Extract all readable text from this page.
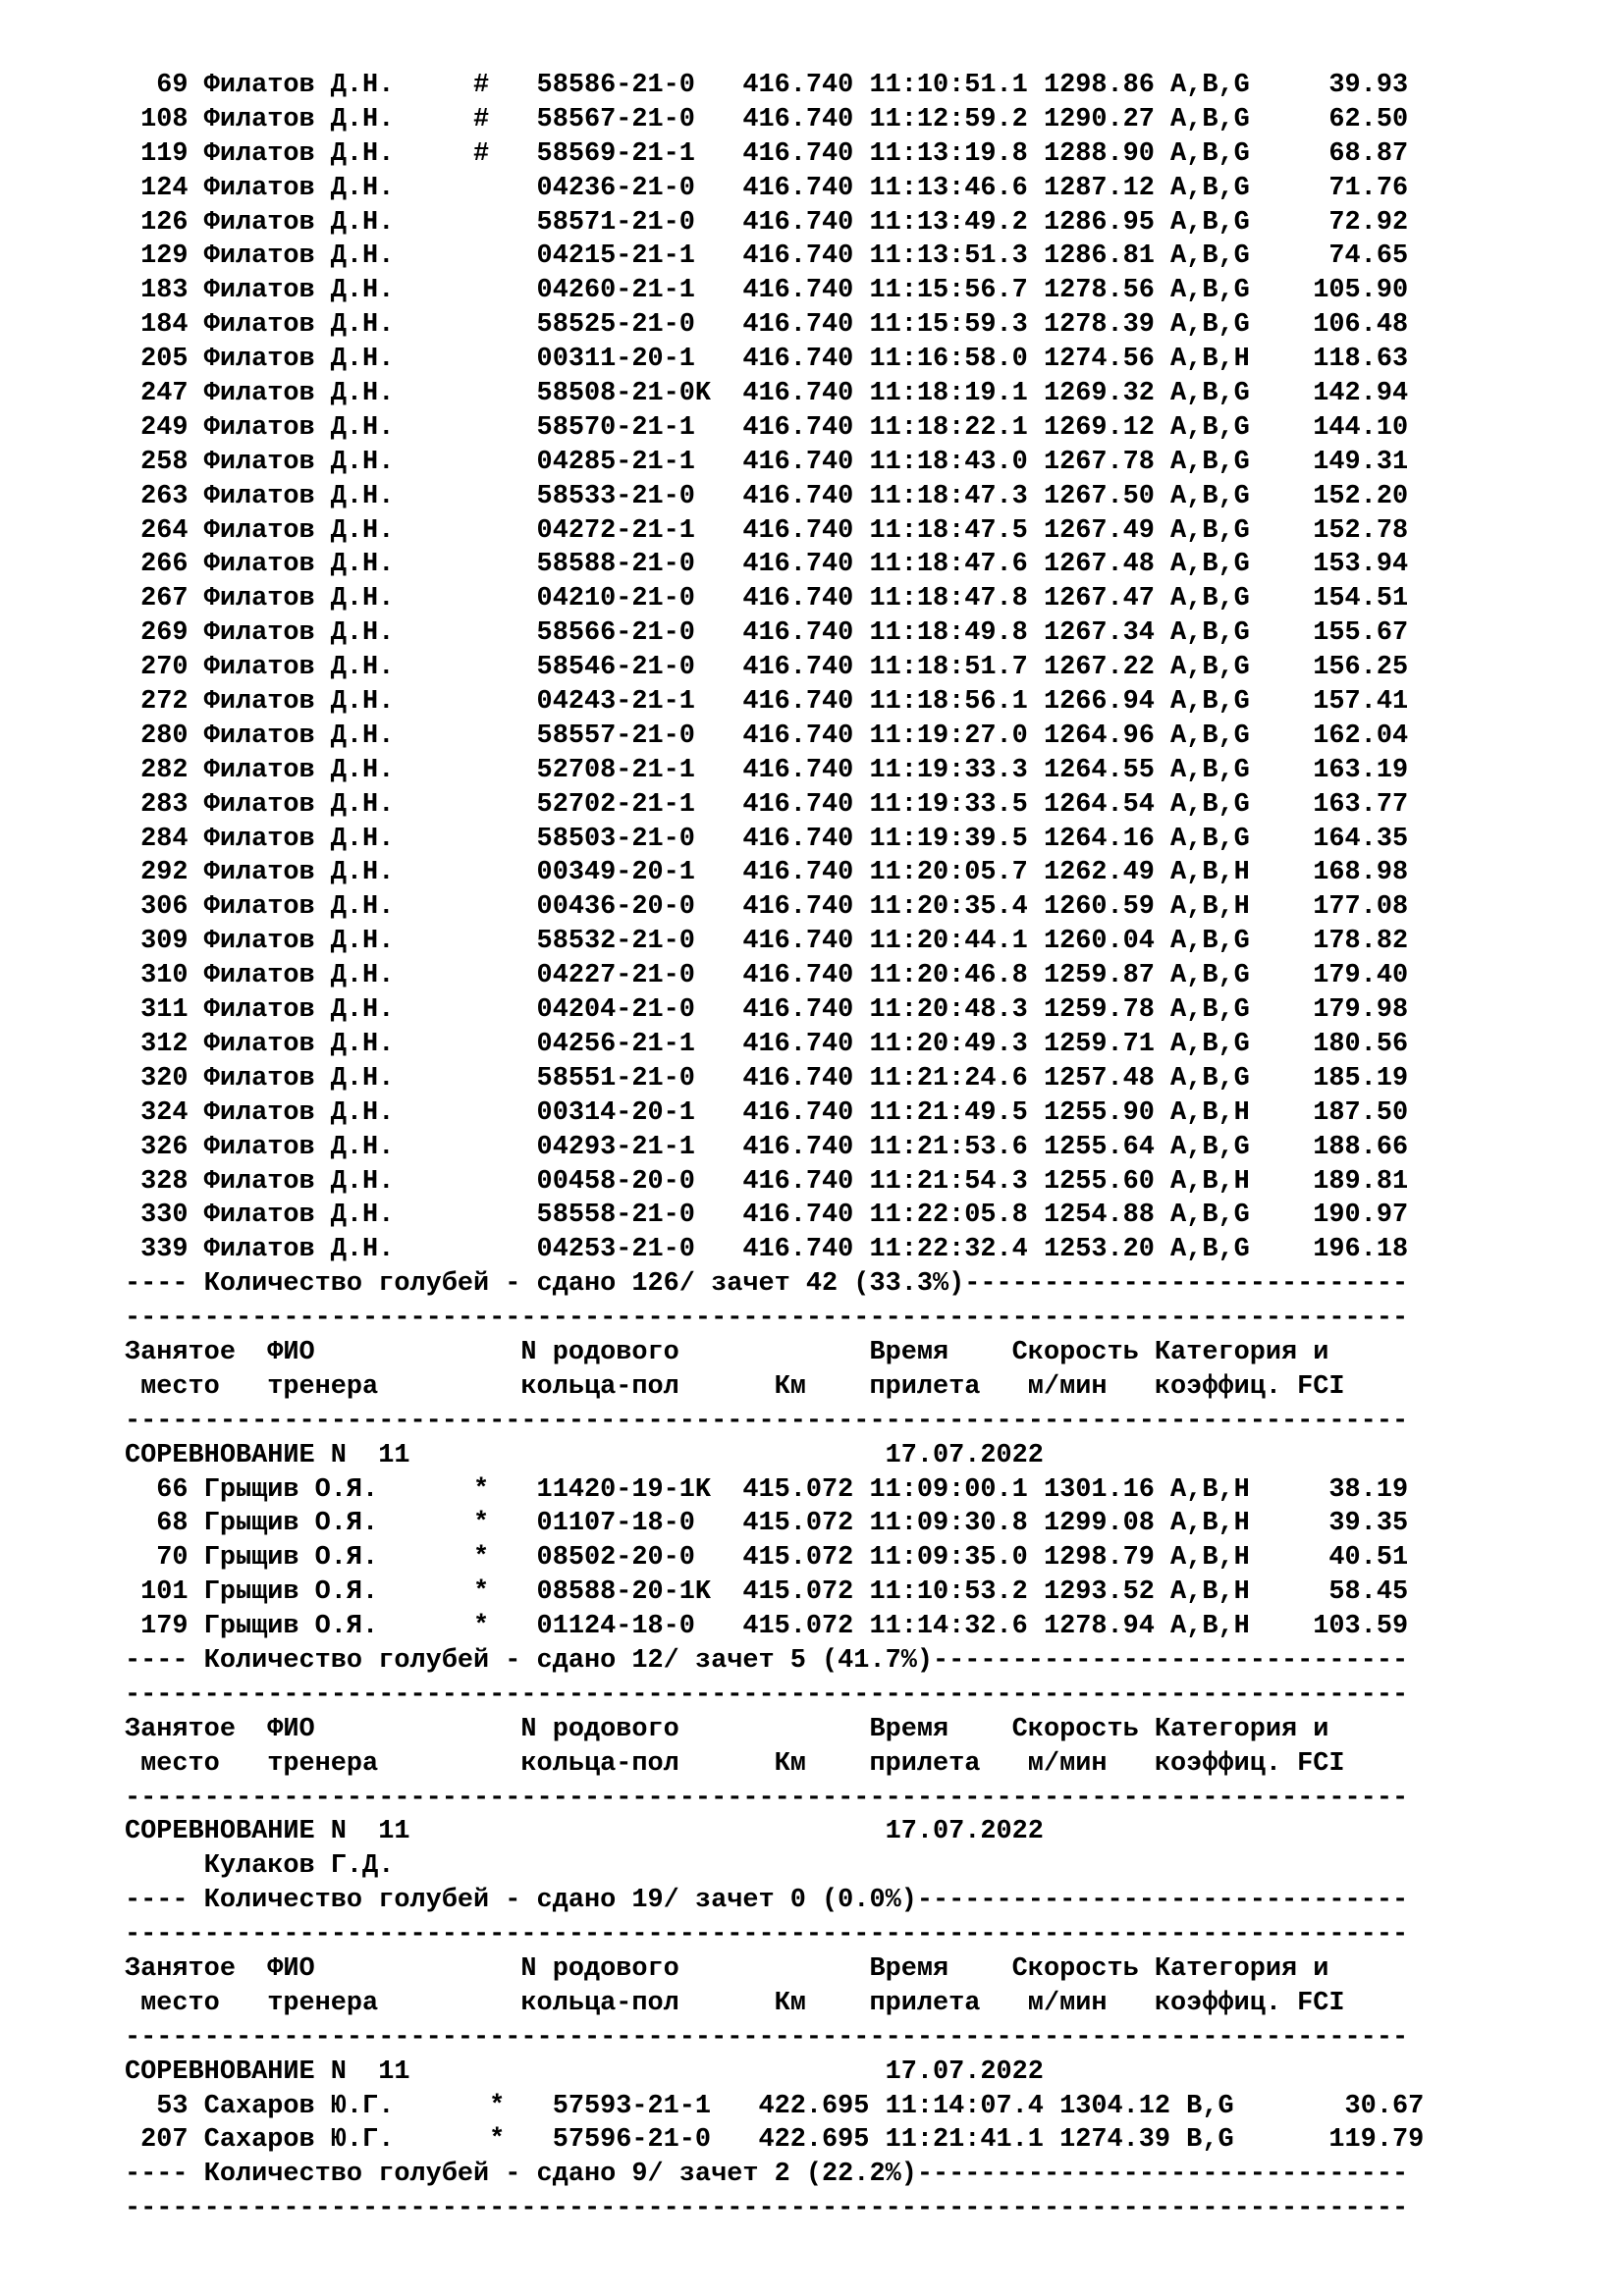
69 Филатов Д.Н.     #   58586-21-0   416.740 11:10:51.1 1298.86 A,B,G     39.93
108 Филатов Д.Н.     #   58567-21-0   416.740 11:12:59.2 1290.27 A,B,G     62.50
119 Филатов Д.Н.     #   58569-21-1   416.740 11:13:19.8 1288.90 A,B,G     68.87
124 Филатов Д.Н.         04236-21-0   416.740 11:13:46.6 1287.12 A,B,G     71.76
126 Филатов Д.Н.         58571-21-0   416.740 11:13:49.2 1286.95 A,B,G     72.92
129 Филатов Д.Н.         04215-21-1   416.740 11:13:51.3 1286.81 A,B,G     74.65
183 Филатов Д.Н.         04260-21-1   416.740 11:15:56.7 1278.56 A,B,G    105.90
184 Филатов Д.Н.         58525-21-0   416.740 11:15:59.3 1278.39 A,B,G    106.48
205 Филатов Д.Н.         00311-20-1   416.740 11:16:58.0 1274.56 A,B,H    118.63
247 Филатов Д.Н.         58508-21-0K  416.740 11:18:19.1 1269.32 A,B,G    142.94
249 Филатов Д.Н.         58570-21-1   416.740 11:18:22.1 1269.12 A,B,G    144.10
258 Филатов Д.Н.         04285-21-1   416.740 11:18:43.0 1267.78 A,B,G    149.31
263 Филатов Д.Н.         58533-21-0   416.740 11:18:47.3 1267.50 A,B,G    152.20
264 Филатов Д.Н.         04272-21-1   416.740 11:18:47.5 1267.49 A,B,G    152.78
266 Филатов Д.Н.         58588-21-0   416.740 11:18:47.6 1267.48 A,B,G    153.94
267 Филатов Д.Н.         04210-21-0   416.740 11:18:47.8 1267.47 A,B,G    154.51
269 Филатов Д.Н.         58566-21-0   416.740 11:18:49.8 1267.34 A,B,G    155.67
270 Филатов Д.Н.         58546-21-0   416.740 11:18:51.7 1267.22 A,B,G    156.25
272 Филатов Д.Н.         04243-21-1   416.740 11:18:56.1 1266.94 A,B,G    157.41
280 Филатов Д.Н.         58557-21-0   416.740 11:19:27.0 1264.96 A,B,G    162.04
282 Филатов Д.Н.         52708-21-1   416.740 11:19:33.3 1264.55 A,B,G    163.19
283 Филатов Д.Н.         52702-21-1   416.740 11:19:33.5 1264.54 A,B,G    163.77
284 Филатов Д.Н.         58503-21-0   416.740 11:19:39.5 1264.16 A,B,G    164.35
292 Филатов Д.Н.         00349-20-1   416.740 11:20:05.7 1262.49 A,B,H    168.98
306 Филатов Д.Н.         00436-20-0   416.740 11:20:35.4 1260.59 A,B,H    177.08
309 Филатов Д.Н.         58532-21-0   416.740 11:20:44.1 1260.04 A,B,G    178.82
310 Филатов Д.Н.         04227-21-0   416.740 11:20:46.8 1259.87 A,B,G    179.40
311 Филатов Д.Н.         04204-21-0   416.740 11:20:48.3 1259.78 A,B,G    179.98
312 Филатов Д.Н.         04256-21-1   416.740 11:20:49.3 1259.71 A,B,G    180.56
320 Филатов Д.Н.         58551-21-0   416.740 11:21:24.6 1257.48 A,B,G    185.19
324 Филатов Д.Н.         00314-20-1   416.740 11:21:49.5 1255.90 A,B,H    187.50
326 Филатов Д.Н.         04293-21-1   416.740 11:21:53.6 1255.64 A,B,G    188.66
328 Филатов Д.Н.         00458-20-0   416.740 11:21:54.3 1255.60 A,B,H    189.81
330 Филатов Д.Н.         58558-21-0   416.740 11:22:05.8 1254.88 A,B,G    190.97
339 Филатов Д.Н.         04253-21-0   416.740 11:22:32.4 1253.20 A,B,G    196.18
---- Количество голубей - сдано 126/ зачет 42 (33.3%)----------------------------
---------------------------------------------------------------------------------
Занятое  ФИО             N родового            Время    Скорость Категория и
место   тренера         кольца-пол      Км    прилета   м/мин   коэффиц. FCI
---------------------------------------------------------------------------------
СОРЕВНОВАНИЕ N  11                              17.07.2022
66 Грыщив О.Я.      *   11420-19-1K  415.072 11:09:00.1 1301.16 A,B,H     38.19
68 Грыщив О.Я.      *   01107-18-0   415.072 11:09:30.8 1299.08 A,B,H     39.35
70 Грыщив О.Я.      *   08502-20-0   415.072 11:09:35.0 1298.79 A,B,H     40.51
101 Грыщив О.Я.      *   08588-20-1K  415.072 11:10:53.2 1293.52 A,B,H     58.45
179 Грыщив О.Я.      *   01124-18-0   415.072 11:14:32.6 1278.94 A,B,H    103.59
---- Количество голубей - сдано 12/ зачет 5 (41.7%)------------------------------
---------------------------------------------------------------------------------
Занятое  ФИО             N родового            Время    Скорость Категория и
место   тренера         кольца-пол      Км    прилета   м/мин   коэффиц. FCI
---------------------------------------------------------------------------------
СОРЕВНОВАНИЕ N  11                              17.07.2022
Кулаков Г.Д.
---- Количество голубей - сдано 19/ зачет 0 (0.0%)-------------------------------
---------------------------------------------------------------------------------
Занятое  ФИО             N родового            Время    Скорость Категория и
место   тренера         кольца-пол      Км    прилета   м/мин   коэффиц. FCI
---------------------------------------------------------------------------------
СОРЕВНОВАНИЕ N  11                              17.07.2022
53 Сахаров Ю.Г.      *   57593-21-1   422.695 11:14:07.4 1304.12 B,G       30.67
207 Сахаров Ю.Г.      *   57596-21-0   422.695 11:21:41.1 1274.39 B,G      119.79
---- Количество голубей - сдано 9/ зачет 2 (22.2%)-------------------------------
---------------------------------------------------------------------------------
